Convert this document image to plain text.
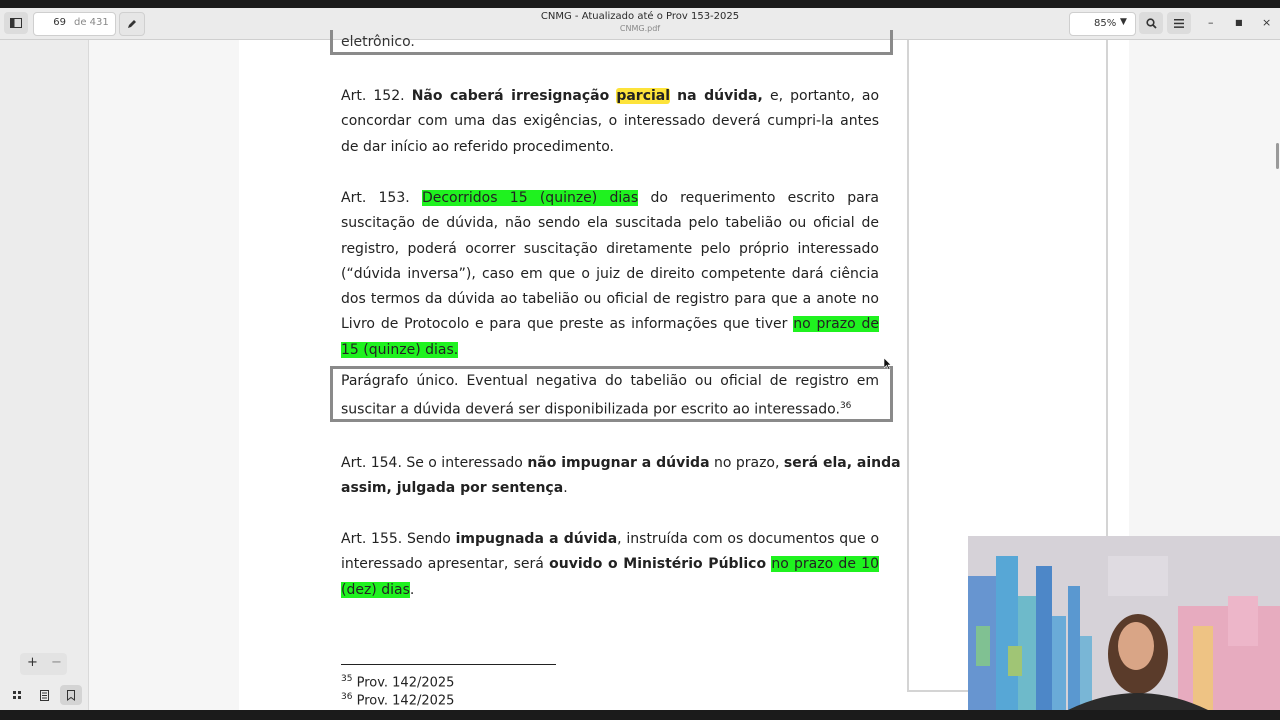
69 de 431
CNMG - Atualizado até o Prov 153-2025
CNMG.pdf	85% ▼	–	■ ×
eletrônico.
Art. 152. Não caberá irresignação parcial na dúvida, e, portanto, ao
concordar com uma das exigências, o interessado deverá cumpri-la antes
de dar início ao referido procedimento.
Art. 153. Decorridos 15 (quinze) dias do requerimento escrito para
suscitação de dúvida, não sendo ela suscitada pelo tabelião ou oficial de
registro, poderá ocorrer suscitação diretamente pelo próprio interessado
(“dúvida inversa”), caso em que o juiz de direito competente dará ciência
dos termos da dúvida ao tabelião ou oficial de registro para que a anote no
Livro de Protocolo e para que preste as informações que tiver no prazo de
15 (quinze) dias.
Parágrafo único. Eventual negativa do tabelião ou oficial de registro em
suscitar a dúvida deverá ser disponibilizada por escrito ao interessado.$^{36}$
Art. 154. Se o interessado não impugnar a dúvida no prazo, será ela, ainda
assim, julgada por sentença.
Art. 155. Sendo impugnada a dúvida, instruída com os documentos que o
interessado apresentar, será ouvido o Ministério Público no prazo de 10
(dez) dias.
$^{35}$ Prov. 142/2025
$^{36}$ Prov. 142/2025
+ −
